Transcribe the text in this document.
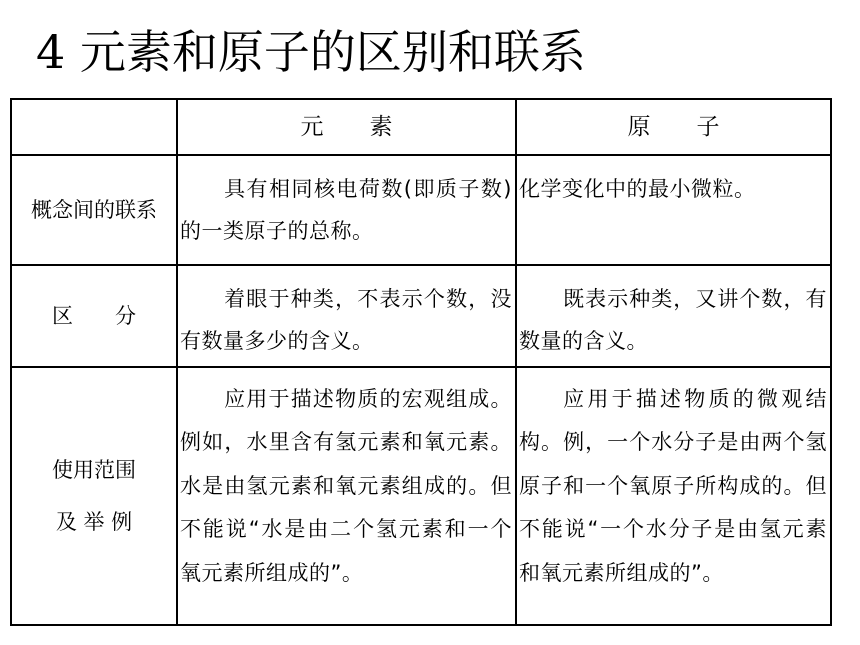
4 元素和原子的区别和联系
元　　素	原　　子
概念间的联系
具有相同核电荷数(即质子数)的一类原子的总称。
化学变化中的最小微粒。
区　　分
着眼于种类，不表示个数，没有数量多少的含义。
既表示种类，又讲个数，有数量的含义。
使用范围
及 举 例
应用于描述物质的宏观组成。例如，水里含有氢元素和氧元素。水是由氢元素和氧元素组成的。但不能说“水是由二个氢元素和一个氧元素所组成的”。
应用于描述物质的微观结构。例，一个水分子是由两个氢原子和一个氧原子所构成的。但不能说“一个水分子是由氢元素和氧元素所组成的”。
